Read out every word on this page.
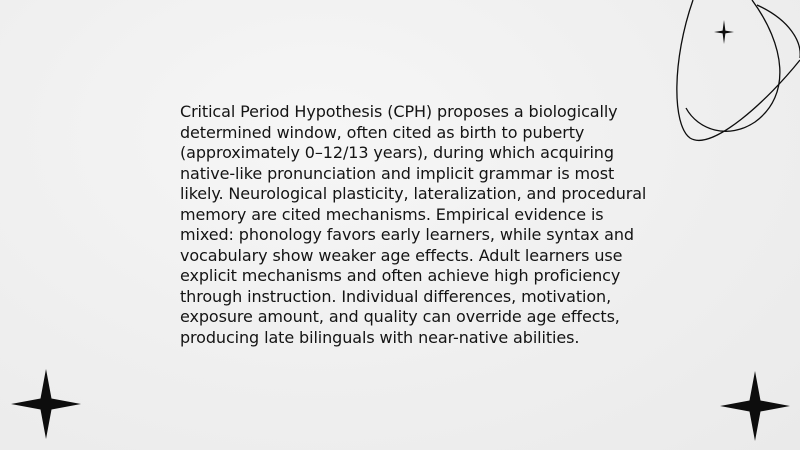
Critical Period Hypothesis (CPH) proposes a biologically determined window, often cited as birth to puberty (approximately 0–12/13 years), during which acquiring native-like pronunciation and implicit grammar is most likely. Neurological plasticity, lateralization, and procedural memory are cited mechanisms. Empirical evidence is mixed: phonology favors early learners, while syntax and vocabulary show weaker age effects. Adult learners use explicit mechanisms and often achieve high proficiency through instruction. Individual differences, motivation, exposure amount, and quality can override age effects, producing late bilinguals with near-native abilities.
